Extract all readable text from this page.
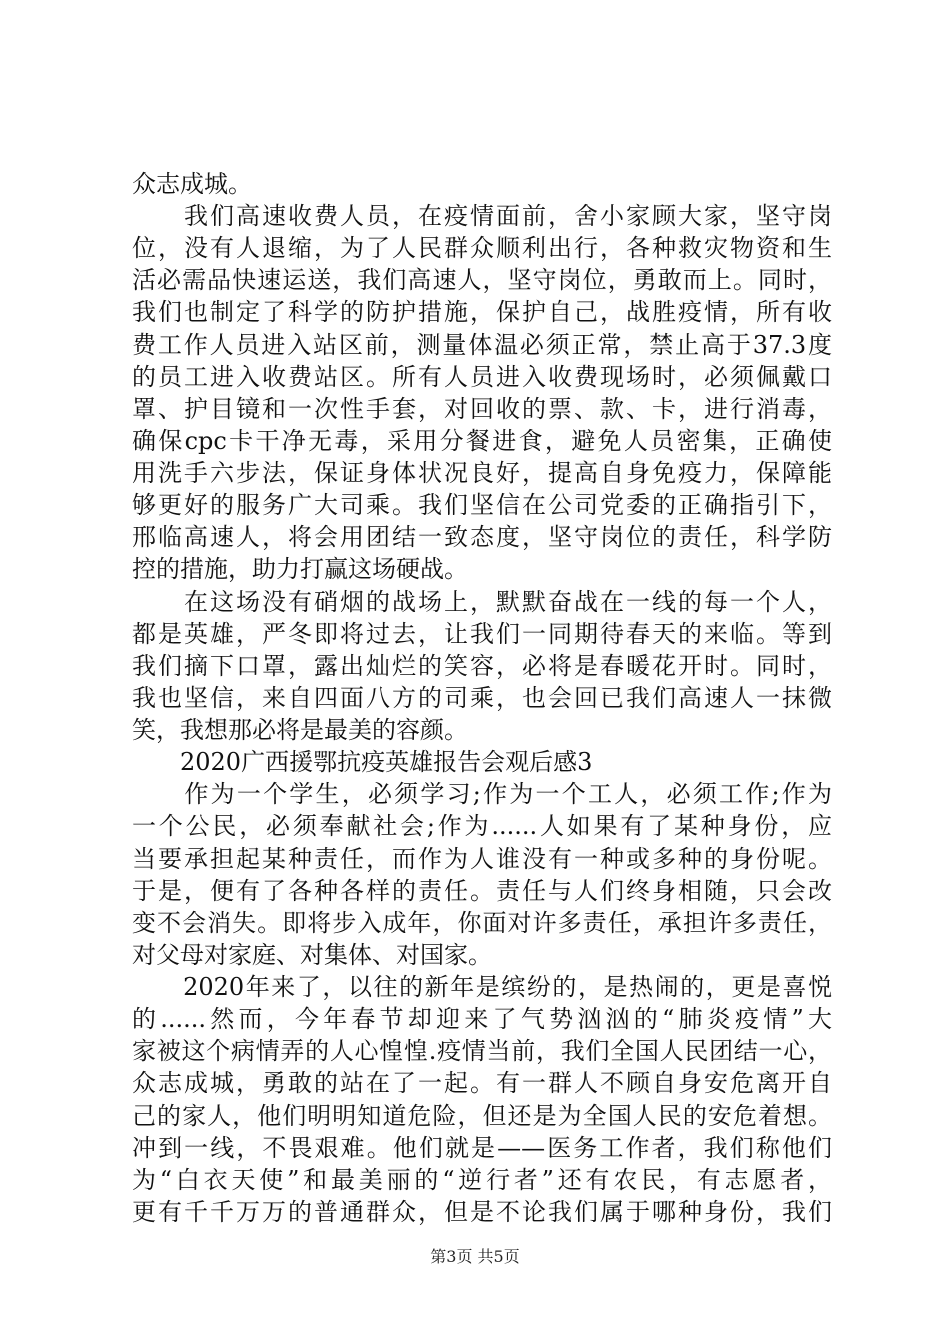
众志成城。
　　我们高速收费人员，在疫情面前，舍小家顾大家，坚守岗
位，没有人退缩，为了人民群众顺利出行，各种救灾物资和生
活必需品快速运送，我们高速人，坚守岗位，勇敢而上。同时，
我们也制定了科学的防护措施，保护自己，战胜疫情，所有收
费工作人员进入站区前，测量体温必须正常，禁止高于37.3度
的员工进入收费站区。所有人员进入收费现场时，必须佩戴口
罩、护目镜和一次性手套，对回收的票、款、卡，进行消毒，
确保cpc卡干净无毒，采用分餐进食，避免人员密集，正确使
用洗手六步法，保证身体状况良好，提高自身免疫力，保障能
够更好的服务广大司乘。我们坚信在公司党委的正确指引下，
邢临高速人，将会用团结一致态度，坚守岗位的责任，科学防
控的措施，助力打赢这场硬战。
　　在这场没有硝烟的战场上，默默奋战在一线的每一个人，
都是英雄，严冬即将过去，让我们一同期待春天的来临。等到
我们摘下口罩，露出灿烂的笑容，必将是春暖花开时。同时，
我也坚信，来自四面八方的司乘，也会回已我们高速人一抹微
笑，我想那必将是最美的容颜。
　　2020广西援鄂抗疫英雄报告会观后感3
　　作为一个学生，必须学习;作为一个工人，必须工作;作为
一个公民，必须奉献社会;作为......人如果有了某种身份，应
当要承担起某种责任，而作为人谁没有一种或多种的身份呢。
于是，便有了各种各样的责任。责任与人们终身相随，只会改
变不会消失。即将步入成年，你面对许多责任，承担许多责任，
对父母对家庭、对集体、对国家。
　　2020年来了，以往的新年是缤纷的，是热闹的，更是喜悦
的......然而，今年春节却迎来了气势汹汹的“肺炎疫情”大
家被这个病情弄的人心惶惶.疫情当前，我们全国人民团结一心，
众志成城，勇敢的站在了一起。有一群人不顾自身安危离开自
己的家人，他们明明知道危险，但还是为全国人民的安危着想。
冲到一线，不畏艰难。他们就是——医务工作者，我们称他们
为“白衣天使”和最美丽的“逆行者”还有农民，有志愿者，
更有千千万万的普通群众，但是不论我们属于哪种身份，我们
第3页 共5页
